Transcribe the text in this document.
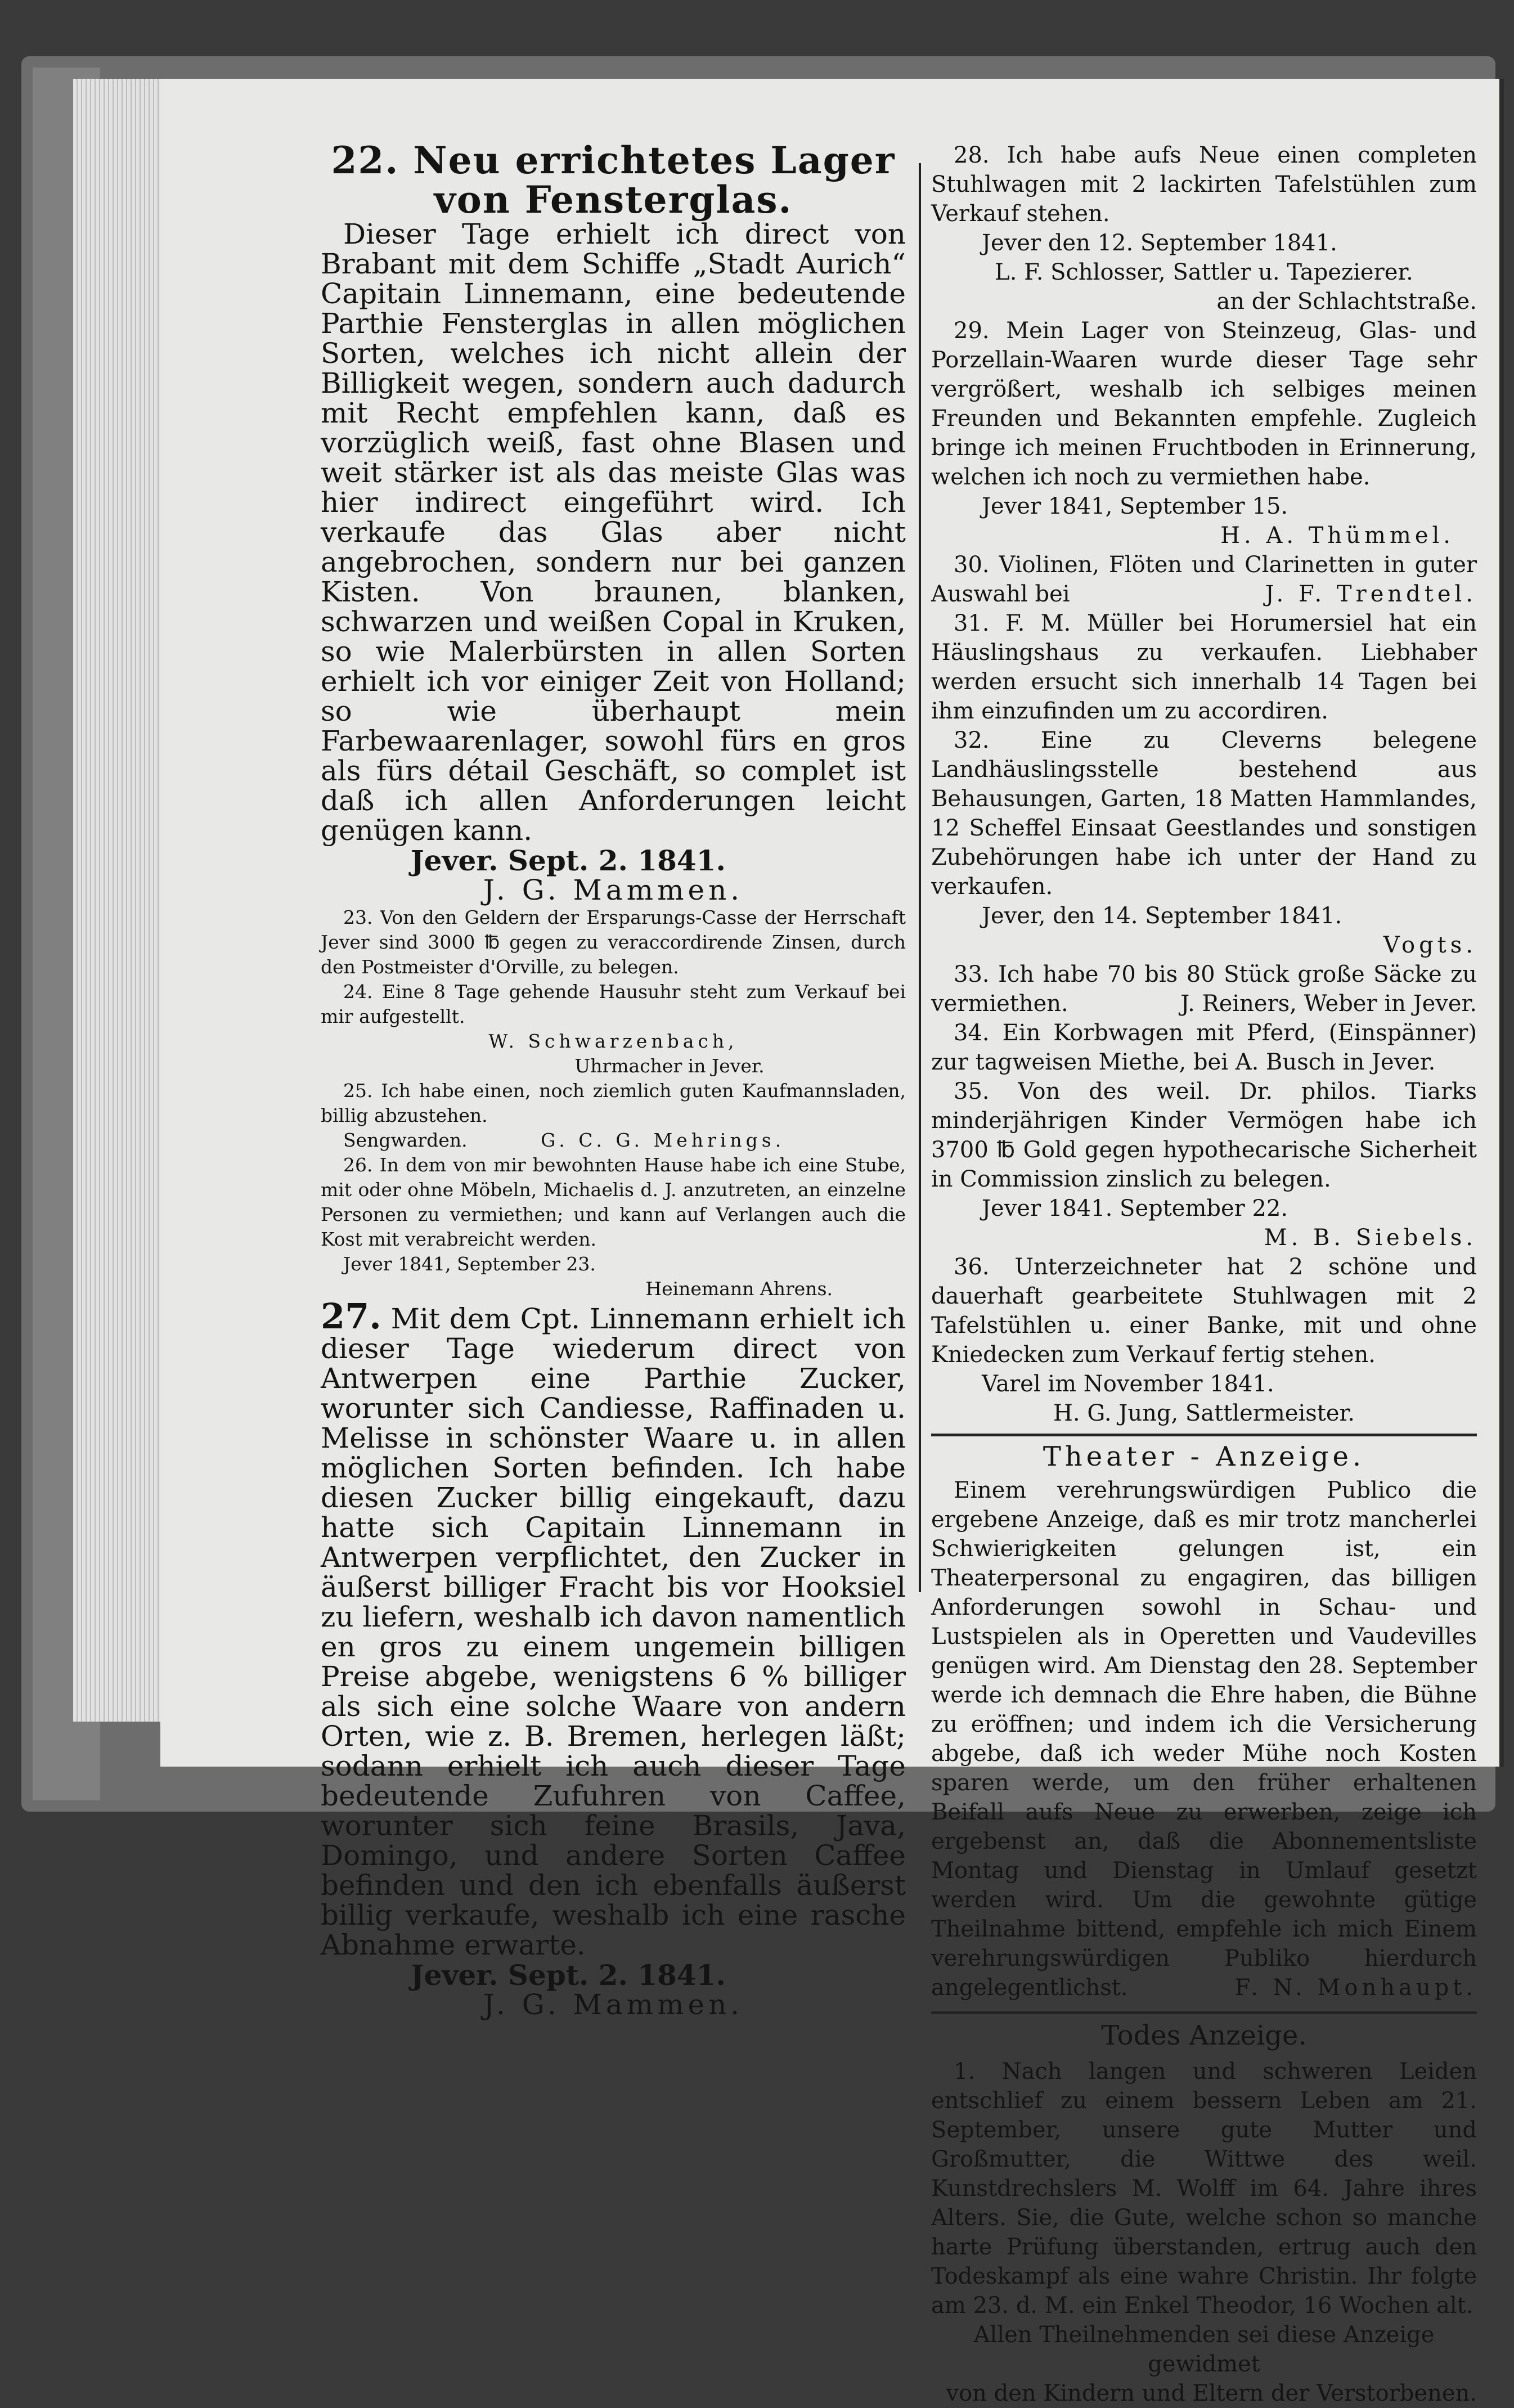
22. Neu errichtetes Lager von Fensterglas.

Dieser Tage erhielt ich direct von Brabant mit dem Schiffe „Stadt Aurich“ Capitain Linnemann, eine bedeutende Parthie Fensterglas in allen möglichen Sorten, welches ich nicht allein der Billigkeit wegen, sondern auch dadurch mit Recht empfehlen kann, daß es vorzüglich weiß, fast ohne Blasen und weit stärker ist als das meiste Glas was hier indirect eingeführt wird. Ich verkaufe das Glas aber nicht angebrochen, sondern nur bei ganzen Kisten. Von braunen, blanken, schwarzen und weißen Copal in Kruken, so wie Malerbürsten in allen Sorten erhielt ich vor einiger Zeit von Holland; so wie überhaupt mein Farbewaarenlager, sowohl fürs en gros als fürs détail Geschäft, so complet ist daß ich allen Anforderungen leicht genügen kann.

Jever. Sept. 2. 1841.

J. G. Mammen.

23. Von den Geldern der Ersparungs-Casse der Herrschaft Jever sind 3000 ℔ gegen zu veraccordirende Zinsen, durch den Postmeister d'Orville, zu belegen.

24. Eine 8 Tage gehende Hausuhr steht zum Verkauf bei mir aufgestellt.

W. Schwarzenbach,

Uhrmacher in Jever.

25. Ich habe einen, noch ziemlich guten Kaufmannsladen, billig abzustehen.

Sengwarden.	G. C. G. Mehrings.

26. In dem von mir bewohnten Hause habe ich eine Stube, mit oder ohne Möbeln, Michaelis d. J. anzutreten, an einzelne Personen zu vermiethen; und kann auf Verlangen auch die Kost mit verabreicht werden.

Jever 1841, September 23.

Heinemann Ahrens.

27. Mit dem Cpt. Linnemann erhielt ich dieser Tage wiederum direct von Antwerpen eine Parthie Zucker, worunter sich Candiesse, Raffinaden u. Melisse in schönster Waare u. in allen möglichen Sorten befinden. Ich habe diesen Zucker billig eingekauft, dazu hatte sich Capitain Linnemann in Antwerpen verpflichtet, den Zucker in äußerst billiger Fracht bis vor Hooksiel zu liefern, weshalb ich davon namentlich en gros zu einem ungemein billigen Preise abgebe, wenigstens 6 % billiger als sich eine solche Waare von andern Orten, wie z. B. Bremen, herlegen läßt; sodann erhielt ich auch dieser Tage bedeutende Zufuhren von Caffee, worunter sich feine Brasils, Java, Domingo, und andere Sorten Caffee befinden und den ich ebenfalls äußerst billig verkaufe, weshalb ich eine rasche Abnahme erwarte.

Jever. Sept. 2. 1841.

J. G. Mammen.

28. Ich habe aufs Neue einen completen Stuhlwagen mit 2 lackirten Tafelstühlen zum Verkauf stehen.

Jever den 12. September 1841.

L. F. Schlosser, Sattler u. Tapezierer.

an der Schlachtstraße.

29. Mein Lager von Steinzeug, Glas- und Porzellain-Waaren wurde dieser Tage sehr vergrößert, weshalb ich selbiges meinen Freunden und Bekannten empfehle. Zugleich bringe ich meinen Fruchtboden in Erinnerung, welchen ich noch zu vermiethen habe.

Jever 1841, September 15.

H. A. Thümmel.

30. Violinen, Flöten und Clarinetten in guter Auswahl bei	J. F. Trendtel.

31. F. M. Müller bei Horumersiel hat ein Häuslingshaus zu verkaufen. Liebhaber werden ersucht sich innerhalb 14 Tagen bei ihm einzufinden um zu accordiren.

32. Eine zu Cleverns belegene Landhäuslingsstelle bestehend aus Behausungen, Garten, 18 Matten Hammlandes, 12 Scheffel Einsaat Geestlandes und sonstigen Zubehörungen habe ich unter der Hand zu verkaufen.

Jever, den 14. September 1841.

Vogts.

33. Ich habe 70 bis 80 Stück große Säcke zu vermiethen.	J. Reiners, Weber in Jever.

34. Ein Korbwagen mit Pferd, (Einspänner) zur tagweisen Miethe, bei A. Busch in Jever.

35. Von des weil. Dr. philos. Tiarks minderjährigen Kinder Vermögen habe ich 3700 ℔ Gold gegen hypothecarische Sicherheit in Commission zinslich zu belegen.

Jever 1841. September 22.

M. B. Siebels.

36. Unterzeichneter hat 2 schöne und dauerhaft gearbeitete Stuhlwagen mit 2 Tafelstühlen u. einer Banke, mit und ohne Kniedecken zum Verkauf fertig stehen.

Varel im November 1841.

H. G. Jung, Sattlermeister.

Theater - Anzeige.

Einem verehrungswürdigen Publico die ergebene Anzeige, daß es mir trotz mancherlei Schwierigkeiten gelungen ist, ein Theaterpersonal zu engagiren, das billigen Anforderungen sowohl in Schau- und Lustspielen als in Operetten und Vaudevilles genügen wird. Am Dienstag den 28. September werde ich demnach die Ehre haben, die Bühne zu eröffnen; und indem ich die Versicherung abgebe, daß ich weder Mühe noch Kosten sparen werde, um den früher erhaltenen Beifall aufs Neue zu erwerben, zeige ich ergebenst an, daß die Abonnementsliste Montag und Dienstag in Umlauf gesetzt werden wird. Um die gewohnte gütige Theilnahme bittend, empfehle ich mich Einem verehrungswürdigen Publiko hierdurch angelegentlichst.	F. N. Monhaupt.

Todes Anzeige.

1. Nach langen und schweren Leiden entschlief zu einem bessern Leben am 21. September, unsere gute Mutter und Großmutter, die Wittwe des weil. Kunstdrechslers M. Wolff im 64. Jahre ihres Alters. Sie, die Gute, welche schon so manche harte Prüfung überstanden, ertrug auch den Todeskampf als eine wahre Christin. Ihr folgte am 23. d. M. ein Enkel Theodor, 16 Wochen alt.

Allen Theilnehmenden sei diese Anzeige gewidmet

von den Kindern und Eltern der Verstorbenen.
